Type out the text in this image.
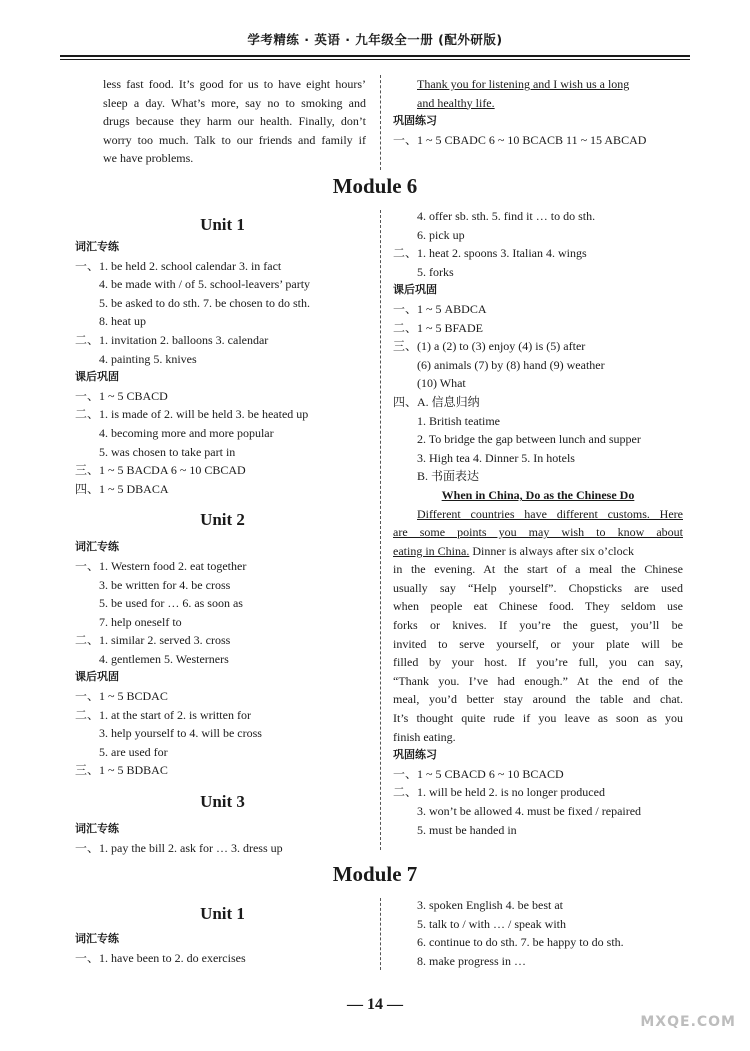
学考精练 · 英语 · 九年级全一册 (配外研版)
less fast food. It’s good for us to have eight hours’
sleep a day. What’s more, say no to smoking and
drugs because they harm our health. Finally, don’t
worry too much. Talk to our friends and family if
we have problems.
Thank you for listening and I wish us a long
and healthy life.
巩固练习
一、1 ~ 5 CBADC 6 ~ 10 BCACB 11 ~ 15 ABCAD
Module 6
Unit 1
词汇专练
一、1. be held 2. school calendar 3. in fact
4. be made with / of 5. school-leavers’ party
5. be asked to do sth. 7. be chosen to do sth.
8. heat up
二、1. invitation 2. balloons 3. calendar
4. painting 5. knives
课后巩固
一、1 ~ 5 CBACD
二、1. is made of 2. will be held 3. be heated up
4. becoming more and more popular
5. was chosen to take part in
三、1 ~ 5 BACDA 6 ~ 10 CBCAD
四、1 ~ 5 DBACA
Unit 2
词汇专练
一、1. Western food 2. eat together
3. be written for 4. be cross
5. be used for … 6. as soon as
7. help oneself to
二、1. similar 2. served 3. cross
4. gentlemen 5. Westerners
课后巩固
一、1 ~ 5 BCDAC
二、1. at the start of 2. is written for
3. help yourself to 4. will be cross
5. are used for
三、1 ~ 5 BDBAC
Unit 3
词汇专练
一、1. pay the bill 2. ask for … 3. dress up
4. offer sb. sth. 5. find it … to do sth.
6. pick up
二、1. heat 2. spoons 3. Italian 4. wings
5. forks
课后巩固
一、1 ~ 5 ABDCA
二、1 ~ 5 BFADE
三、(1) a (2) to (3) enjoy (4) is (5) after
(6) animals (7) by (8) hand (9) weather
(10) What
四、A. 信息归纳
1. British teatime
2. To bridge the gap between lunch and supper
3. High tea 4. Dinner 5. In hotels
B. 书面表达
When in China, Do as the Chinese Do
Different countries have different customs. Here
are some points you may wish to know about
eating in China. Dinner is always after six o’clock
in the evening. At the start of a meal the Chinese
usually say “Help yourself”. Chopsticks are used
when people eat Chinese food. They seldom use
forks or knives. If you’re the guest, you’ll be
invited to serve yourself, or your plate will be
filled by your host. If you’re full, you can say,
“Thank you. I’ve had enough.” At the end of the
meal, you’d better stay around the table and chat.
It’s thought quite rude if you leave as soon as you
finish eating.
巩固练习
一、1 ~ 5 CBACD 6 ~ 10 BCACD
二、1. will be held 2. is no longer produced
3. won’t be allowed 4. must be fixed / repaired
5. must be handed in
Module 7
Unit 1
词汇专练
一、1. have been to 2. do exercises
3. spoken English 4. be best at
5. talk to / with … / speak with
6. continue to do sth. 7. be happy to do sth.
8. make progress in …
— 14 —
MXQE.COM
